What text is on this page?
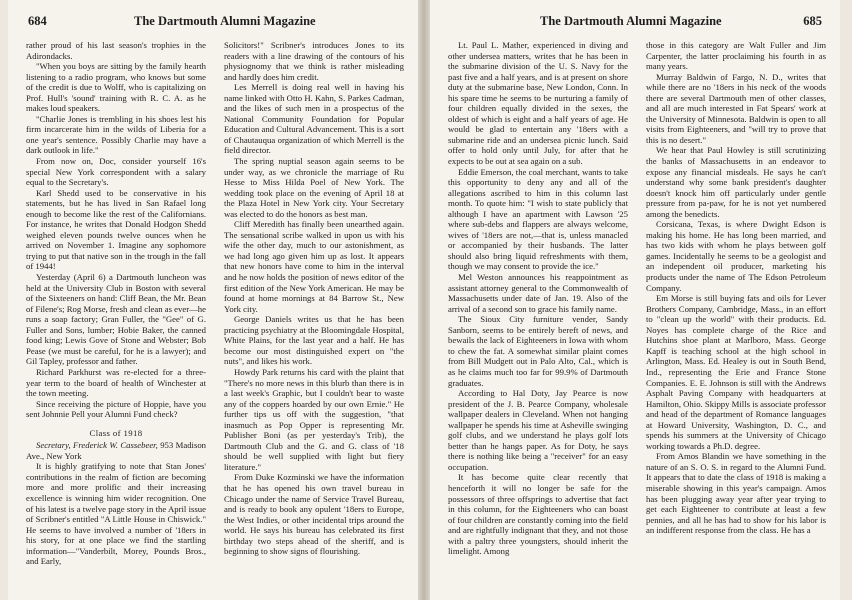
684	The Dartmouth Alumni Magazine

rather proud of his last season's trophies in the Adirondacks.

"When you boys are sitting by the family hearth listening to a radio program, who knows but some of the credit is due to Wolff, who is capitalizing on Prof. Hull's 'sound' training with R. C. A. as he makes loud speakers.

"Charlie Jones is trembling in his shoes lest his firm incarcerate him in the wilds of Liberia for a one year's sentence. Possibly Charlie may have a dark outlook in life."

From now on, Doc, consider yourself 16's special New York correspondent with a salary equal to the Secretary's.

Karl Shedd used to be conservative in his statements, but he has lived in San Rafael long enough to become like the rest of the Californians. For instance, he writes that Donald Hodgon Shedd weighed eleven pounds twelve ounces when he arrived on November 1. Imagine any sophomore trying to put that native son in the trough in the fall of 1944!

Yesterday (April 6) a Dartmouth luncheon was held at the University Club in Boston with several of the Sixteeners on hand: Cliff Bean, the Mr. Bean of Filene's; Rog Morse, fresh and clean as ever—he runs a soap factory; Gran Fuller, the "Gee" of G. Fuller and Sons, lumber; Hobie Baker, the canned food king; Lewis Gove of Stone and Webster; Bob Pease (we must be careful, for he is a lawyer); and Gil Tapley, professor and father.

Richard Parkhurst was re-elected for a three-year term to the board of health of Winchester at the town meeting.

Since receiving the picture of Hoppie, have you sent Johnnie Pell your Alumni Fund check?

Class of 1918

Secretary, Frederick W. Cassebeer, 953 Madison Ave., New York

It is highly gratifying to note that Stan Jones' contributions in the realm of fiction are becoming more and more prolific and their increasing excellence is winning him wider recognition. One of his latest is a twelve page story in the April issue of Scribner's entitled "A Little House in Chiswick." He seems to have involved a number of '18ers in his story, for at one place we find the startling information—"Vanderbilt, Morey, Pounds Bros., and Early,

Solicitors!" Scribner's introduces Jones to its readers with a line drawing of the contours of his physiognomy that we think is rather misleading and hardly does him credit.

Les Merrell is doing real well in having his name linked with Otto H. Kahn, S. Parkes Cadman, and the likes of such men in a prospectus of the National Community Foundation for Popular Education and Cultural Advancement. This is a sort of Chautauqua organization of which Merrell is the field director.

The spring nuptial season again seems to be under way, as we chronicle the marriage of Ru Hesse to Miss Hilda Poel of New York. The wedding took place on the evening of April 18 at the Plaza Hotel in New York city. Your Secretary was elected to do the honors as best man.

Cliff Meredith has finally been unearthed again. The sensational scribe walked in upon us with his wife the other day, much to our astonishment, as we had long ago given him up as lost. It appears that new honors have come to him in the interval and he now holds the position of news editor of the first edition of the New York American. He may be found at home mornings at 84 Barrow St., New York city.

George Daniels writes us that he has been practicing psychiatry at the Bloomingdale Hospital, White Plains, for the last year and a half. He has become our most distinguished expert on "the nuts", and likes his work.

Howdy Park returns his card with the plaint that "There's no more news in this blurb than there is in a last week's Graphic, but I couldn't bear to waste any of the coppers hoarded by our own Ernie." He further tips us off with the suggestion, "that inasmuch as Pop Opper is representing Mr. Publisher Boni (as per yesterday's Trib), the Dartmouth Club and the G. and G. class of '18 should be well supplied with light but fiery literature."

From Duke Kozminski we have the information that he has opened his own travel bureau in Chicago under the name of Service Travel Bureau, and is ready to book any opulent '18ers to Europe, the West Indies, or other incidental trips around the world. He says his bureau has celebrated its first birthday two steps ahead of the sheriff, and is beginning to show signs of flourishing.

The Dartmouth Alumni Magazine	685

Lt. Paul L. Mather, experienced in diving and other undersea matters, writes that he has been in the submarine division of the U. S. Navy for the past five and a half years, and is at present on shore duty at the submarine base, New London, Conn. In his spare time he seems to be nurturing a family of four children equally divided in the sexes, the oldest of which is eight and a half years of age. He would be glad to entertain any '18ers with a submarine ride and an undersea picnic lunch. Said offer to hold only until July, for after that he expects to be out at sea again on a sub.

Eddie Emerson, the coal merchant, wants to take this opportunity to deny any and all of the allegations ascribed to him in this column last month. To quote him: "I wish to state publicly that although I have an apartment with Lawson '25 where sub-debs and flappers are always welcome, wives of '18ers are not,—that is, unless manacled or accompanied by their husbands. The latter should also bring liquid refreshments with them, though we may consent to provide the ice."

Mel Weston announces his reappointment as assistant attorney general to the Commonwealth of Massachusetts under date of Jan. 19. Also of the arrival of a second son to grace his family name.

The Sioux City furniture vender, Sandy Sanborn, seems to be entirely bereft of news, and bewails the lack of Eighteeners in Iowa with whom to chew the fat. A somewhat similar plaint comes from Bill Mudgett out in Palo Alto, Cal., which is as he claims much too far for 99.9% of Dartmouth graduates.

According to Hal Doty, Jay Pearce is now president of the J. B. Pearce Company, wholesale wallpaper dealers in Cleveland. When not hanging wallpaper he spends his time at Asheville swinging golf clubs, and we understand he plays golf lots better than he hangs paper. As for Doty, he says there is nothing like being a "receiver" for an easy occupation.

It has become quite clear recently that henceforth it will no longer be safe for the possessors of three offsprings to advertise that fact in this column, for the Eighteeners who can boast of four children are constantly coming into the field and are rightfully indignant that they, and not those with a paltry three youngsters, should inherit the limelight. Among

those in this category are Walt Fuller and Jim Carpenter, the latter proclaiming his fourth in as many years.

Murray Baldwin of Fargo, N. D., writes that while there are no '18ers in his neck of the woods there are several Dartmouth men of other classes, and all are much interested in Fat Spears' work at the University of Minnesota. Baldwin is open to all visits from Eighteeners, and "will try to prove that this is no desert."

We hear that Paul Howley is still scrutinizing the banks of Massachusetts in an endeavor to expose any financial misdeals. He says he can't understand why some bank president's daughter doesn't knock him off particularly under gentle pressure from pa-paw, for he is not yet numbered among the benedicts.

Corsicana, Texas, is where Dwight Edson is making his home. He has long been married, and has two kids with whom he plays between golf games. Incidentally he seems to be a geologist and an independent oil producer, marketing his products under the name of The Edson Petroleum Company.

Em Morse is still buying fats and oils for Lever Brothers Company, Cambridge, Mass., in an effort to "clean up the world" with their products. Ed. Noyes has complete charge of the Rice and Hutchins shoe plant at Marlboro, Mass. George Kapff is teaching school at the high school in Arlington, Mass. Ed. Healey is out in South Bend, Ind., representing the Erie and France Stone Companies. E. E. Johnson is still with the Andrews Asphalt Paving Company with headquarters at Hamilton, Ohio. Skippy Mills is associate professor and head of the department of Romance languages at Howard University, Washington, D. C., and spends his summers at the University of Chicago working towards a Ph.D. degree.

From Amos Blandin we have something in the nature of an S. O. S. in regard to the Alumni Fund. It appears that to date the class of 1918 is making a miserable showing in this year's campaign. Amos has been plugging away year after year trying to get each Eighteener to contribute at least a few pennies, and all he has had to show for his labor is an indifferent response from the class. He has a
